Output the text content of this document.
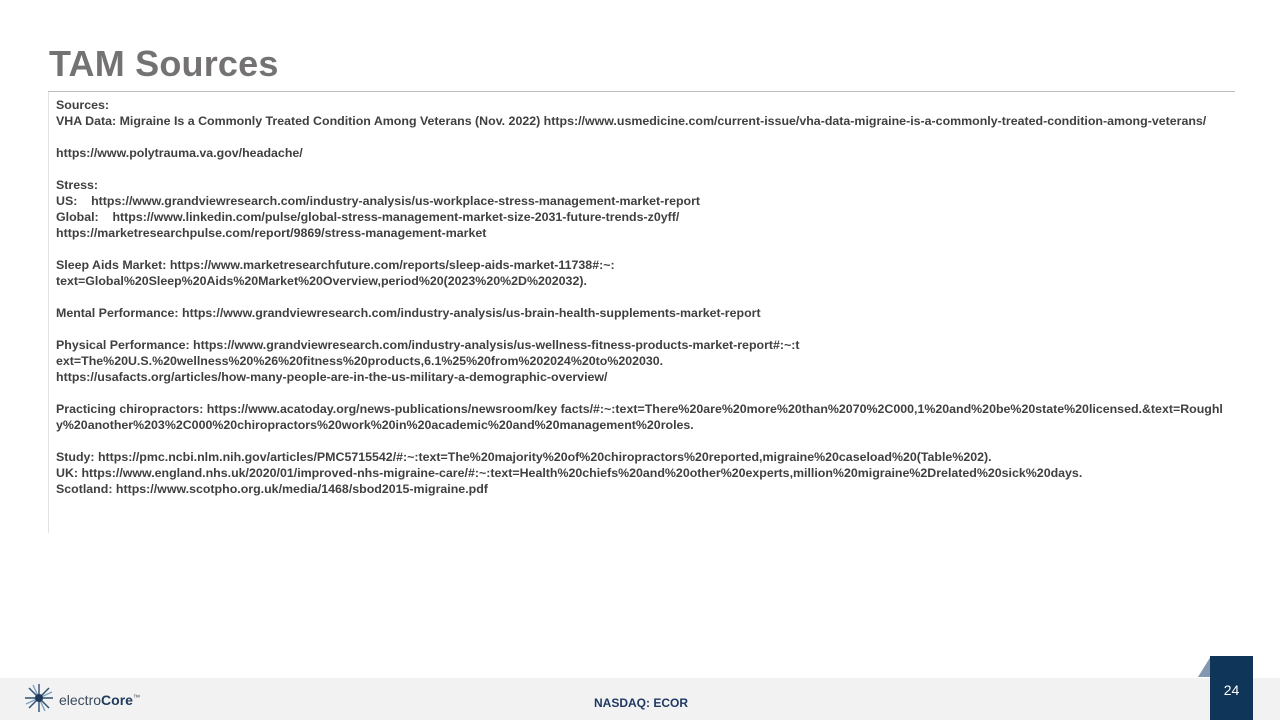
TAM Sources
Sources:
VHA Data: Migraine Is a Commonly Treated Condition Among Veterans (Nov. 2022) https://www.usmedicine.com/current-issue/vha-data-migraine-is-a-commonly-treated-condition-among-veterans/
https://www.polytrauma.va.gov/headache/
Stress:
US:    https://www.grandviewresearch.com/industry-analysis/us-workplace-stress-management-market-report
Global:    https://www.linkedin.com/pulse/global-stress-management-market-size-2031-future-trends-z0yff/
https://marketresearchpulse.com/report/9869/stress-management-market
Sleep Aids Market: https://www.marketresearchfuture.com/reports/sleep-aids-market-11738#:~:text=Global%20Sleep%20Aids%20Market%20Overview,period%20(2023%20%2D%202032).
Mental Performance: https://www.grandviewresearch.com/industry-analysis/us-brain-health-supplements-market-report
Physical Performance: https://www.grandviewresearch.com/industry-analysis/us-wellness-fitness-products-market-report#:~:text=The%20U.S.%20wellness%20%26%20fitness%20products,6.1%25%20from%202024%20to%202030.
https://usafacts.org/articles/how-many-people-are-in-the-us-military-a-demographic-overview/
Practicing chiropractors: https://www.acatoday.org/news-publications/newsroom/key facts/#:~:text=There%20are%20more%20than%2070%2C000,1%20and%20be%20state%20licensed.&text=Roughly%20another%203%2C000%20chiropractors%20work%20in%20academic%20and%20management%20roles.
Study: https://pmc.ncbi.nlm.nih.gov/articles/PMC5715542/#:~:text=The%20majority%20of%20chiropractors%20reported,migraine%20caseload%20(Table%202).
UK: https://www.england.nhs.uk/2020/01/improved-nhs-migraine-care/#:~:text=Health%20chiefs%20and%20other%20experts,million%20migraine%2Drelated%20sick%20days.
Scotland: https://www.scotpho.org.uk/media/1468/sbod2015-migraine.pdf
electroCore™	NASDAQ: ECOR
24
